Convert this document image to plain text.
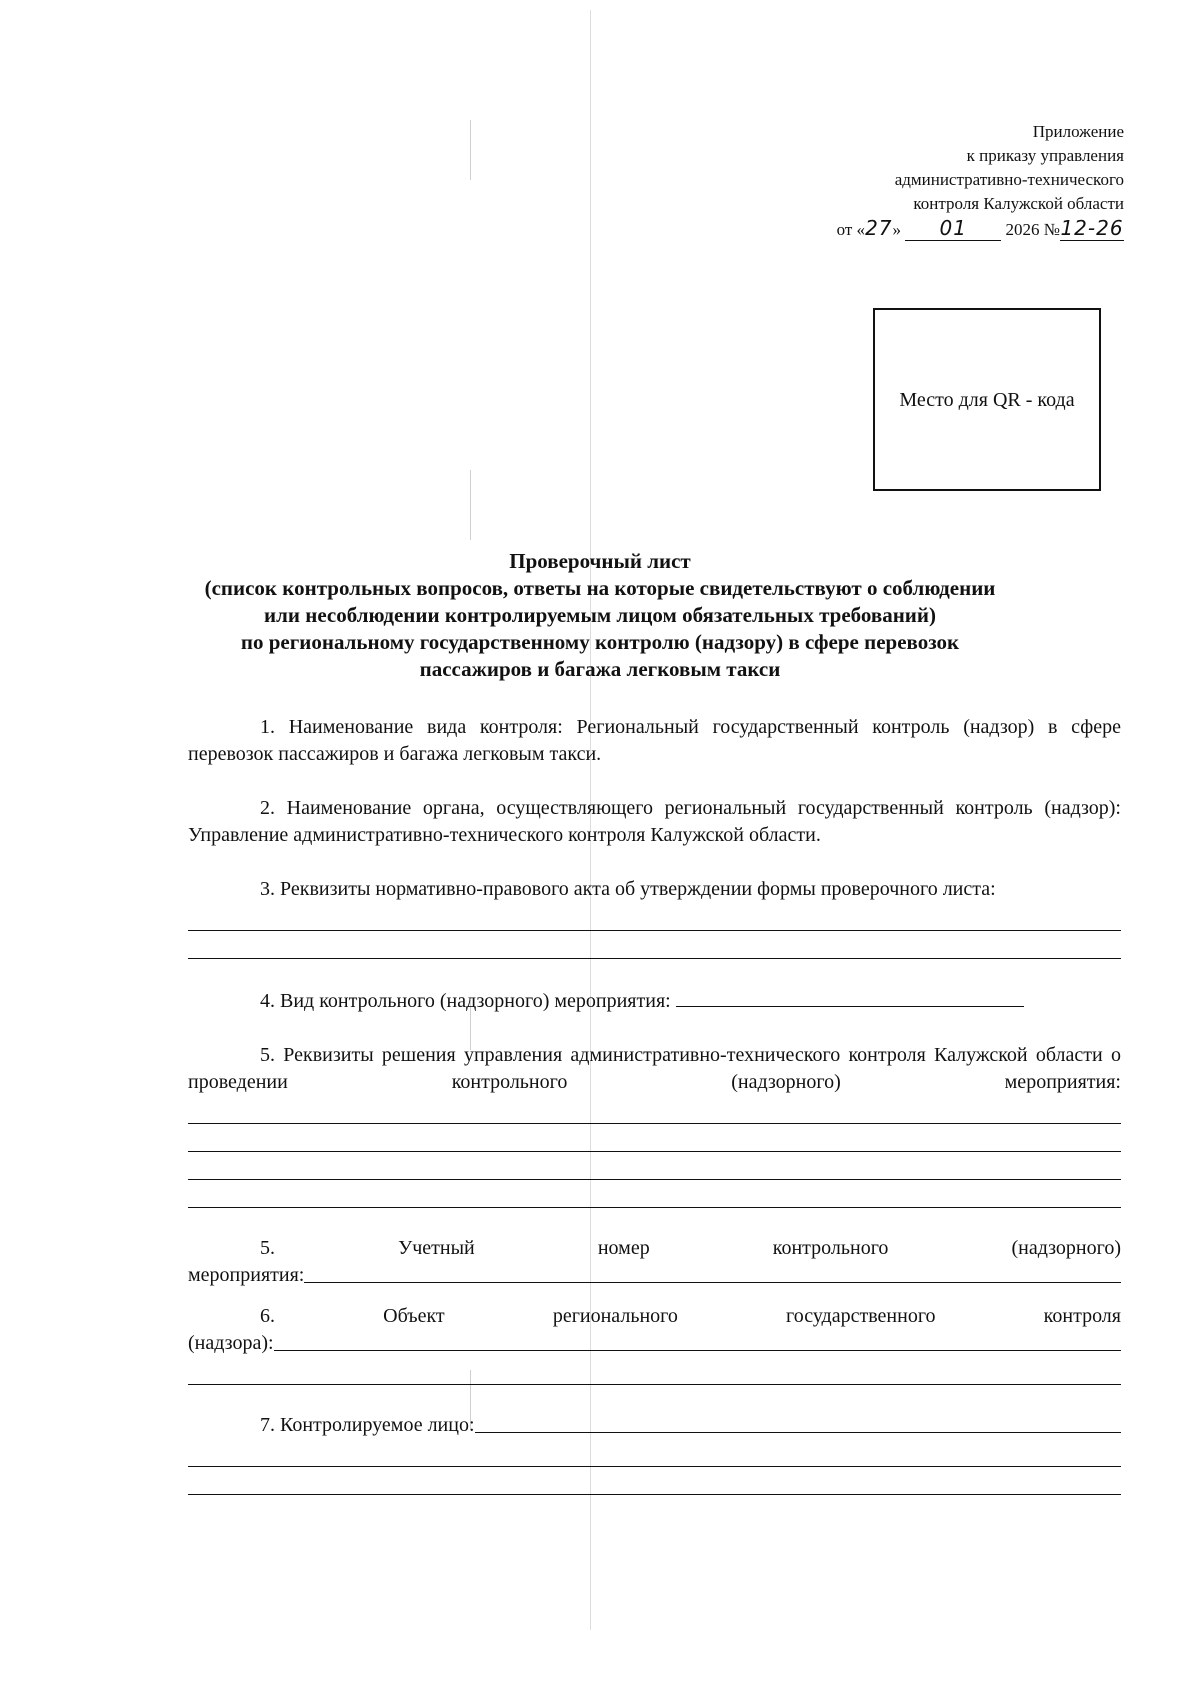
Приложение
к приказу управления
административно-технического
контроля Калужской области
от «27» 01 2026 №12-26
Место для QR - кода
Проверочный лист
(список контрольных вопросов, ответы на которые свидетельствуют о соблюдении
или несоблюдении контролируемым лицом обязательных требований)
по региональному государственному контролю (надзору) в сфере перевозок
пассажиров и багажа легковым такси

1. Наименование вида контроля: Региональный государственный контроль (надзор) в сфере перевозок пассажиров и багажа легковым такси.

2. Наименование органа, осуществляющего региональный государственный контроль (надзор): Управление административно-технического контроля Калужской области.

3. Реквизиты нормативно-правового акта об утверждении формы проверочного листа:

4. Вид контрольного (надзорного) мероприятия:

5. Реквизиты решения управления административно-технического контроля Калужской области о проведении контрольного (надзорного) мероприятия:

5. Учетный номер контрольного (надзорного)

мероприятия:

6. Объект регионального государственного контроля

(надзора):

7. Контролируемое лицо:
